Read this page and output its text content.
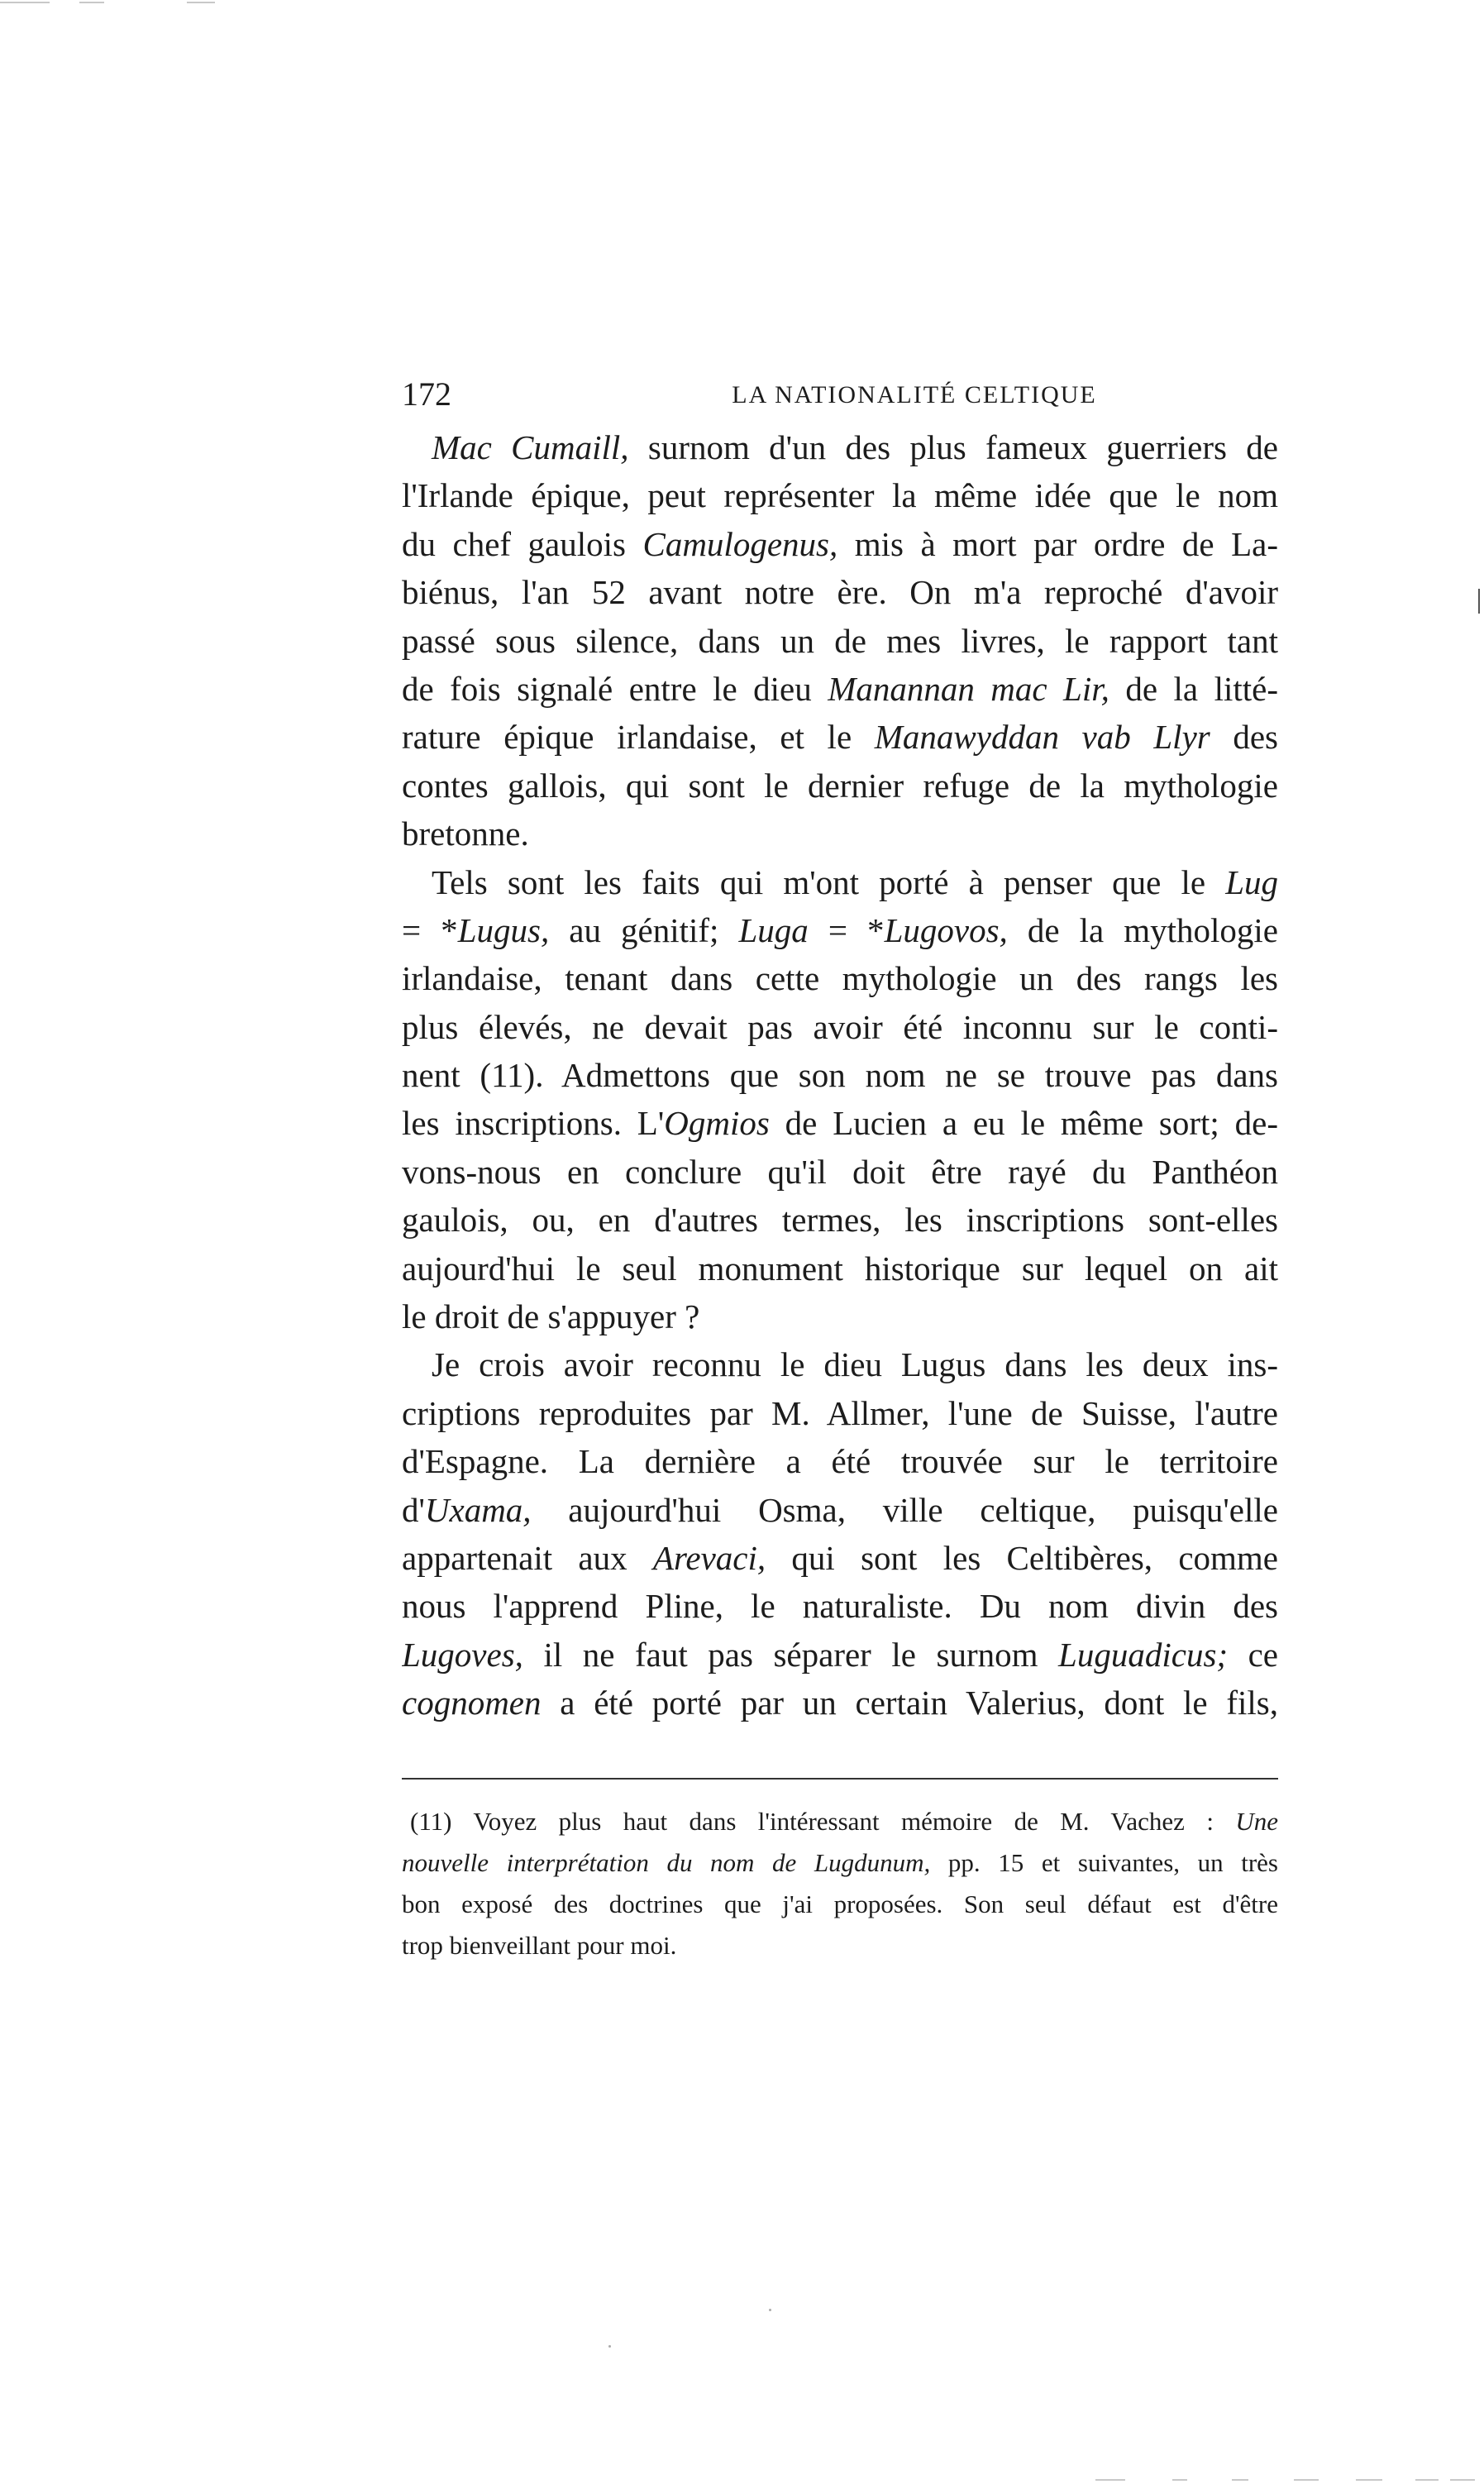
172	LA NATIONALITÉ CELTIQUE
Mac Cumaill, surnom d'un des plus fameux guerriers de
l'Irlande épique, peut représenter la même idée que le nom
du chef gaulois Camulogenus, mis à mort par ordre de La-
biénus, l'an 52 avant notre ère. On m'a reproché d'avoir
passé sous silence, dans un de mes livres, le rapport tant
de fois signalé entre le dieu Manannan mac Lir, de la litté-
rature épique irlandaise, et le Manawyddan vab Llyr des
contes gallois, qui sont le dernier refuge de la mythologie
bretonne.
Tels sont les faits qui m'ont porté à penser que le Lug
= *Lugus, au génitif; Luga = *Lugovos, de la mythologie
irlandaise, tenant dans cette mythologie un des rangs les
plus élevés, ne devait pas avoir été inconnu sur le conti-
nent (11). Admettons que son nom ne se trouve pas dans
les inscriptions. L'Ogmios de Lucien a eu le même sort; de-
vons-nous en conclure qu'il doit être rayé du Panthéon
gaulois, ou, en d'autres termes, les inscriptions sont-elles
aujourd'hui le seul monument historique sur lequel on ait
le droit de s'appuyer ?
Je crois avoir reconnu le dieu Lugus dans les deux ins-
criptions reproduites par M. Allmer, l'une de Suisse, l'autre
d'Espagne. La dernière a été trouvée sur le territoire
d'Uxama, aujourd'hui Osma, ville celtique, puisqu'elle
appartenait aux Arevaci, qui sont les Celtibères, comme
nous l'apprend Pline, le naturaliste. Du nom divin des
Lugoves, il ne faut pas séparer le surnom Luguadicus; ce
cognomen a été porté par un certain Valerius, dont le fils,
(11) Voyez plus haut dans l'intéressant mémoire de M. Vachez : Une
nouvelle interprétation du nom de Lugdunum, pp. 15 et suivantes, un très
bon exposé des doctrines que j'ai proposées. Son seul défaut est d'être
trop bienveillant pour moi.
